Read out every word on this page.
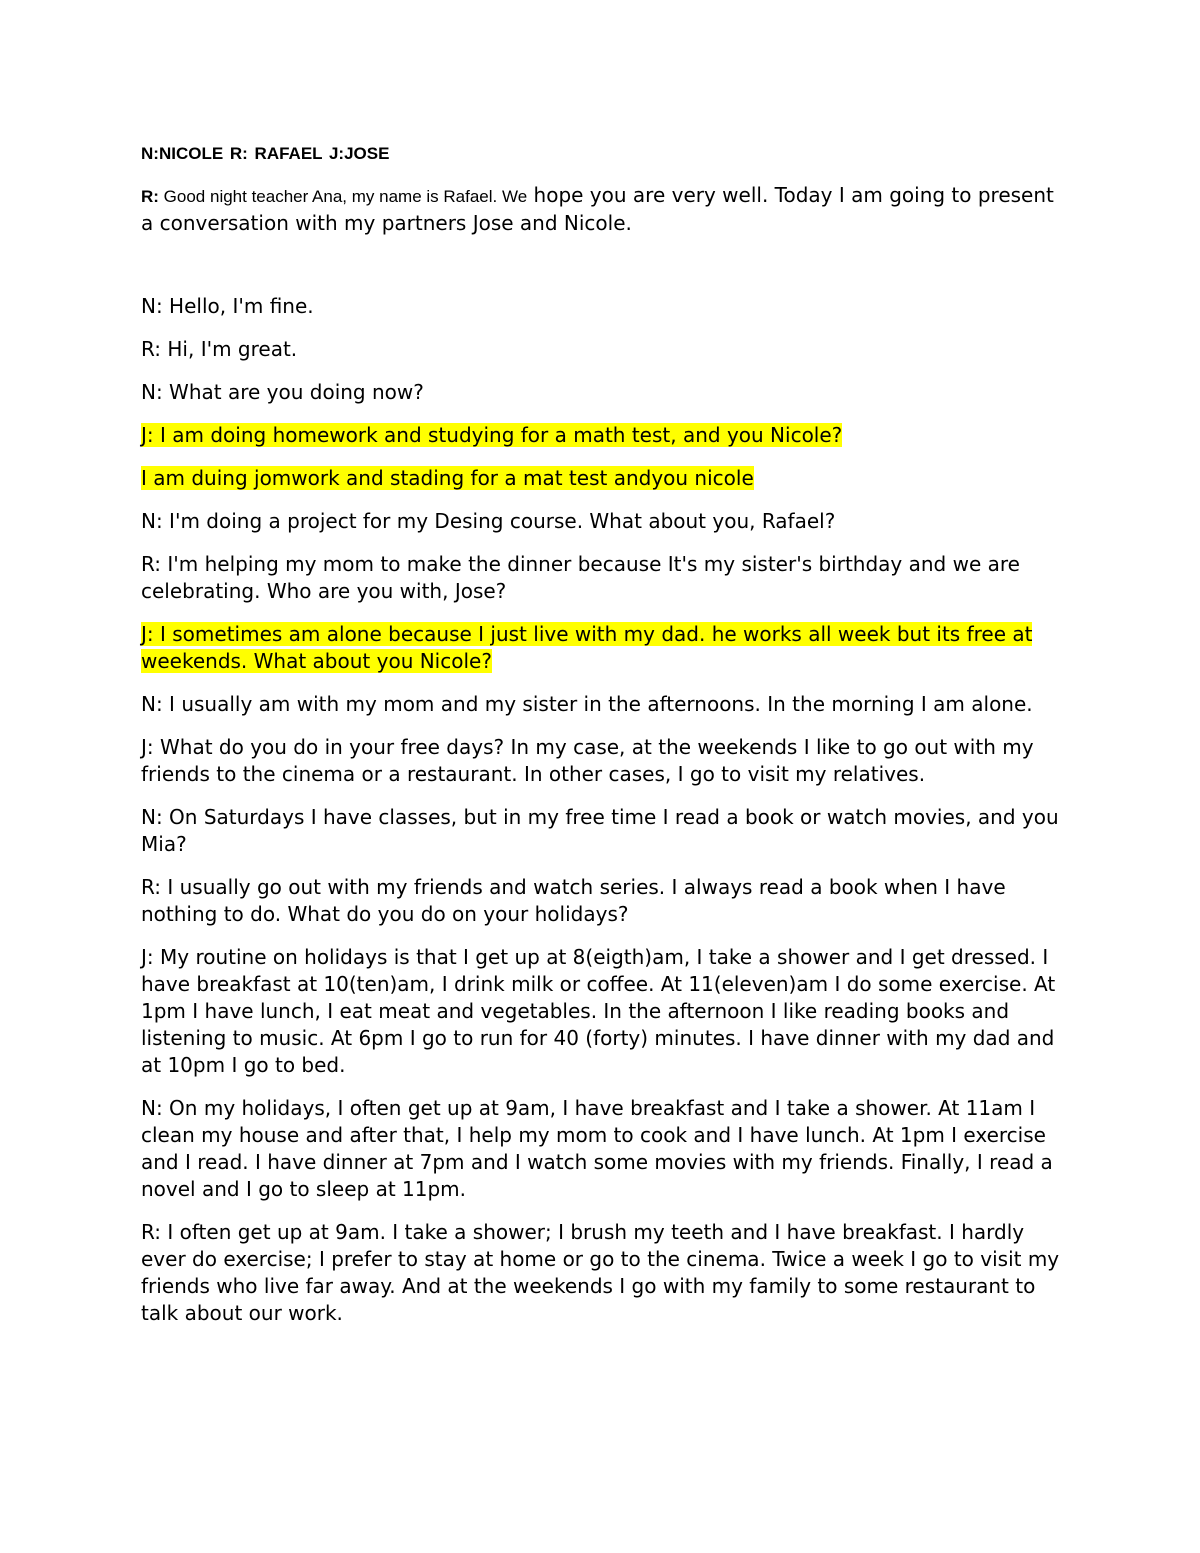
N:NICOLE R: RAFAEL J:JOSE
R: Good night teacher Ana, my name is Rafael. We hope you are very well. Today I am going to present a conversation with my partners Jose and Nicole.
N: Hello, I'm fine.
R: Hi, I'm great.
N: What are you doing now?
J: I am doing homework and studying for a math test, and you Nicole?
I am duing jomwork and stading for a mat test andyou nicole
N: I'm doing a project for my Desing course. What about you, Rafael?
R: I'm helping my mom to make the dinner because It's my sister's birthday and we are celebrating. Who are you with, Jose?
J: I sometimes am alone because I just live with my dad. he works all week but its free at weekends. What about you Nicole?
N: I usually am with my mom and my sister in the afternoons. In the morning I am alone.
J: What do you do in your free days? In my case, at the weekends I like to go out with my friends to the cinema or a restaurant. In other cases, I go to visit my relatives.
N: On Saturdays I have classes, but in my free time I read a book or watch movies, and you Mia?
R: I usually go out with my friends and watch series. I always read a book when I have nothing to do. What do you do on your holidays?
J: My routine on holidays is that I get up at 8(eigth)am, I take a shower and I get dressed. I have breakfast at 10(ten)am, I drink milk or coffee. At 11(eleven)am I do some exercise. At 1pm I have lunch, I eat meat and vegetables. In the afternoon I like reading books and listening to music. At 6pm I go to run for 40 (forty) minutes. I have dinner with my dad and at 10pm I go to bed.
N: On my holidays, I often get up at 9am, I have breakfast and I take a shower. At 11am I clean my house and after that, I help my mom to cook and I have lunch. At 1pm I exercise and I read. I have dinner at 7pm and I watch some movies with my friends. Finally, I read a novel and I go to sleep at 11pm.
R: I often get up at 9am. I take a shower; I brush my teeth and I have breakfast. I hardly ever do exercise; I prefer to stay at home or go to the cinema. Twice a week I go to visit my friends who live far away. And at the weekends I go with my family to some restaurant to talk about our work.
